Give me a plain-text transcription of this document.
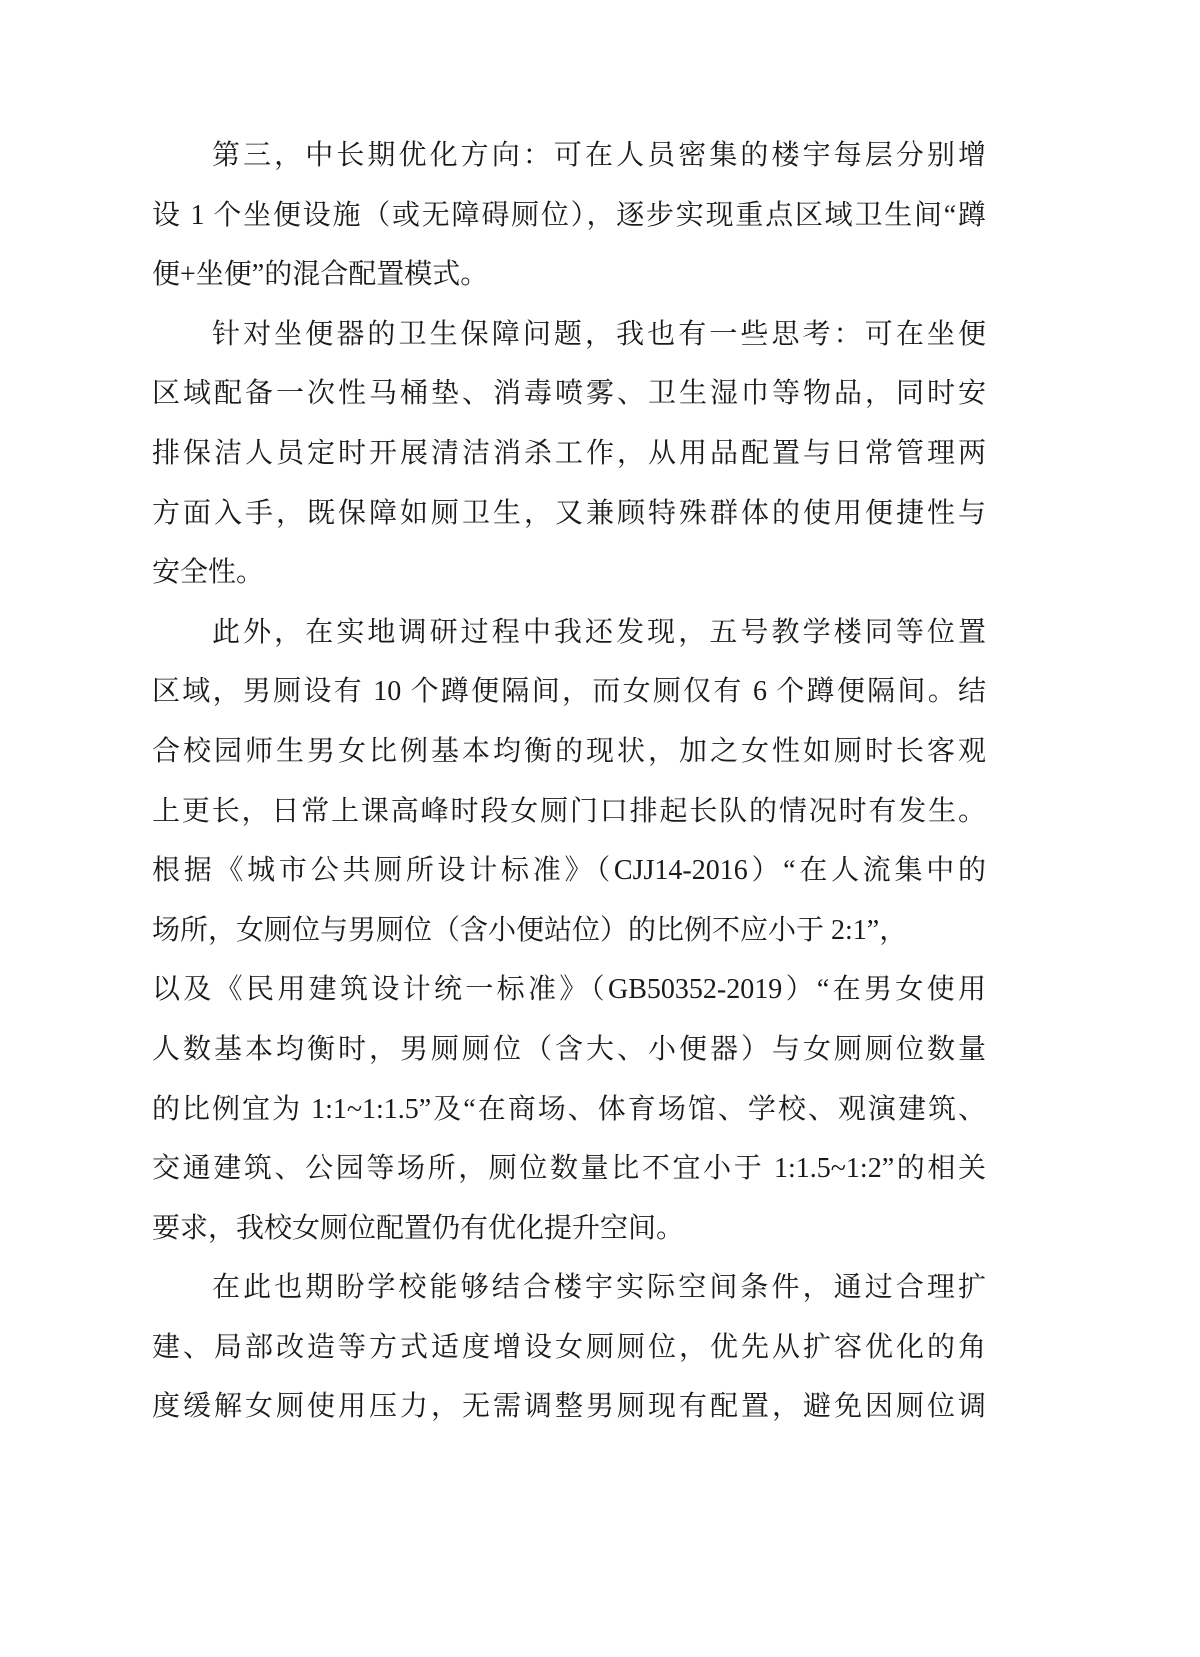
第三，中长期优化方向：可在人员密集的楼宇每层分别增
设 1 个坐便设施（或无障碍厕位），逐步实现重点区域卫生间“蹲
便+坐便”的混合配置模式。
针对坐便器的卫生保障问题，我也有一些思考：可在坐便
区域配备一次性马桶垫、消毒喷雾、卫生湿巾等物品，同时安
排保洁人员定时开展清洁消杀工作，从用品配置与日常管理两
方面入手，既保障如厕卫生，又兼顾特殊群体的使用便捷性与
安全性。
此外，在实地调研过程中我还发现，五号教学楼同等位置
区域，男厕设有 10 个蹲便隔间，而女厕仅有 6 个蹲便隔间。结
合校园师生男女比例基本均衡的现状，加之女性如厕时长客观
上更长，日常上课高峰时段女厕门口排起长队的情况时有发生。
根据《城市公共厕所设计标准》（CJJ14-2016）“在人流集中的
场所，女厕位与男厕位（含小便站位）的比例不应小于 2:1”，
以及《民用建筑设计统一标准》（GB50352-2019）“在男女使用
人数基本均衡时，男厕厕位（含大、小便器）与女厕厕位数量
的比例宜为 1:1~1:1.5”及“在商场、体育场馆、学校、观演建筑、
交通建筑、公园等场所，厕位数量比不宜小于 1:1.5~1:2”的相关
要求，我校女厕位配置仍有优化提升空间。
在此也期盼学校能够结合楼宇实际空间条件，通过合理扩
建、局部改造等方式适度增设女厕厕位，优先从扩容优化的角
度缓解女厕使用压力，无需调整男厕现有配置，避免因厕位调
